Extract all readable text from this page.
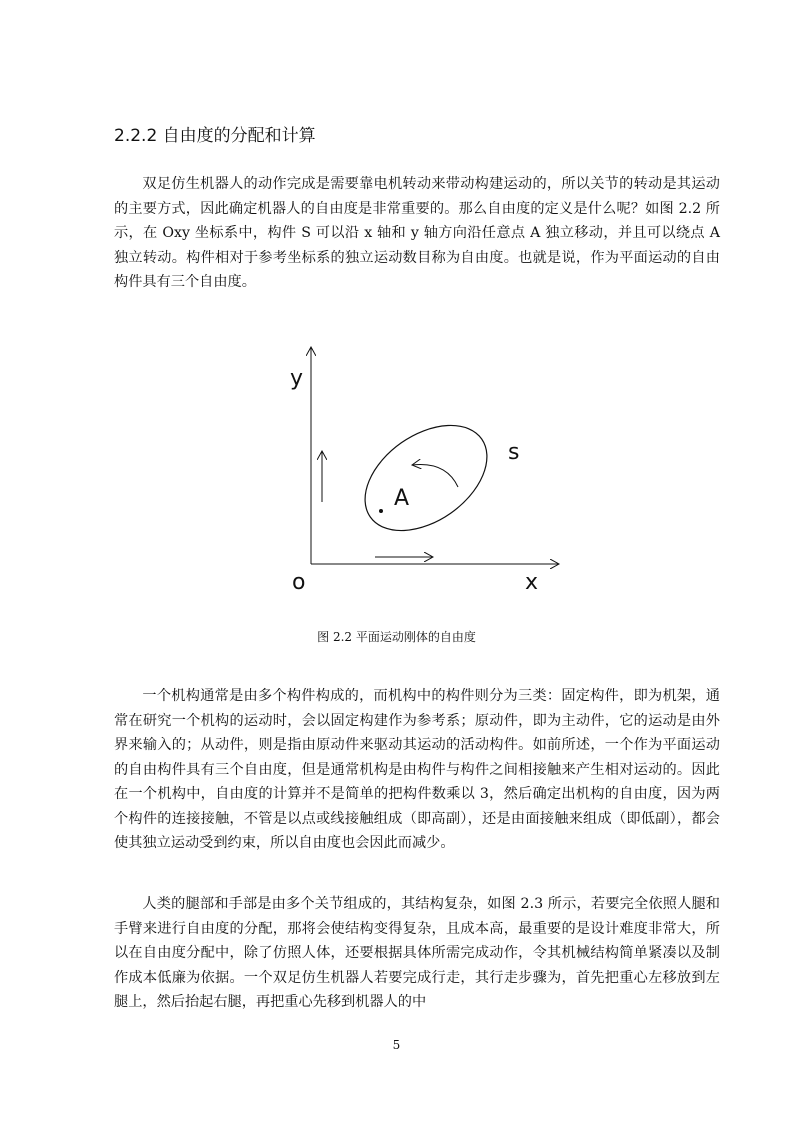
2.2.2 自由度的分配和计算

双足仿生机器人的动作完成是需要靠电机转动来带动构建运动的，所以关节的转动是其运动的主要方式，因此确定机器人的自由度是非常重要的。那么自由度的定义是什么呢？如图 2.2 所示，在 Oxy 坐标系中，构件 S 可以沿 x 轴和 y 轴方向沿任意点 A 独立移动，并且可以绕点 A 独立转动。构件相对于参考坐标系的独立运动数目称为自由度。也就是说，作为平面运动的自由构件具有三个自由度。

y
x
o
s
A
图 2.2 平面运动刚体的自由度

一个机构通常是由多个构件构成的，而机构中的构件则分为三类：固定构件，即为机架，通常在研究一个机构的运动时，会以固定构建作为参考系；原动件，即为主动件，它的运动是由外界来输入的；从动件，则是指由原动件来驱动其运动的活动构件。如前所述，一个作为平面运动的自由构件具有三个自由度，但是通常机构是由构件与构件之间相接触来产生相对运动的。因此在一个机构中，自由度的计算并不是简单的把构件数乘以 3，然后确定出机构的自由度，因为两个构件的连接接触，不管是以点或线接触组成（即高副），还是由面接触来组成（即低副），都会使其独立运动受到约束，所以自由度也会因此而减少。

人类的腿部和手部是由多个关节组成的，其结构复杂，如图 2.3 所示，若要完全依照人腿和手臂来进行自由度的分配，那将会使结构变得复杂，且成本高，最重要的是设计难度非常大，所以在自由度分配中，除了仿照人体，还要根据具体所需完成动作，令其机械结构简单紧凑以及制作成本低廉为依据。一个双足仿生机器人若要完成行走，其行走步骤为，首先把重心左移放到左腿上，然后抬起右腿，再把重心先移到机器人的中

5
